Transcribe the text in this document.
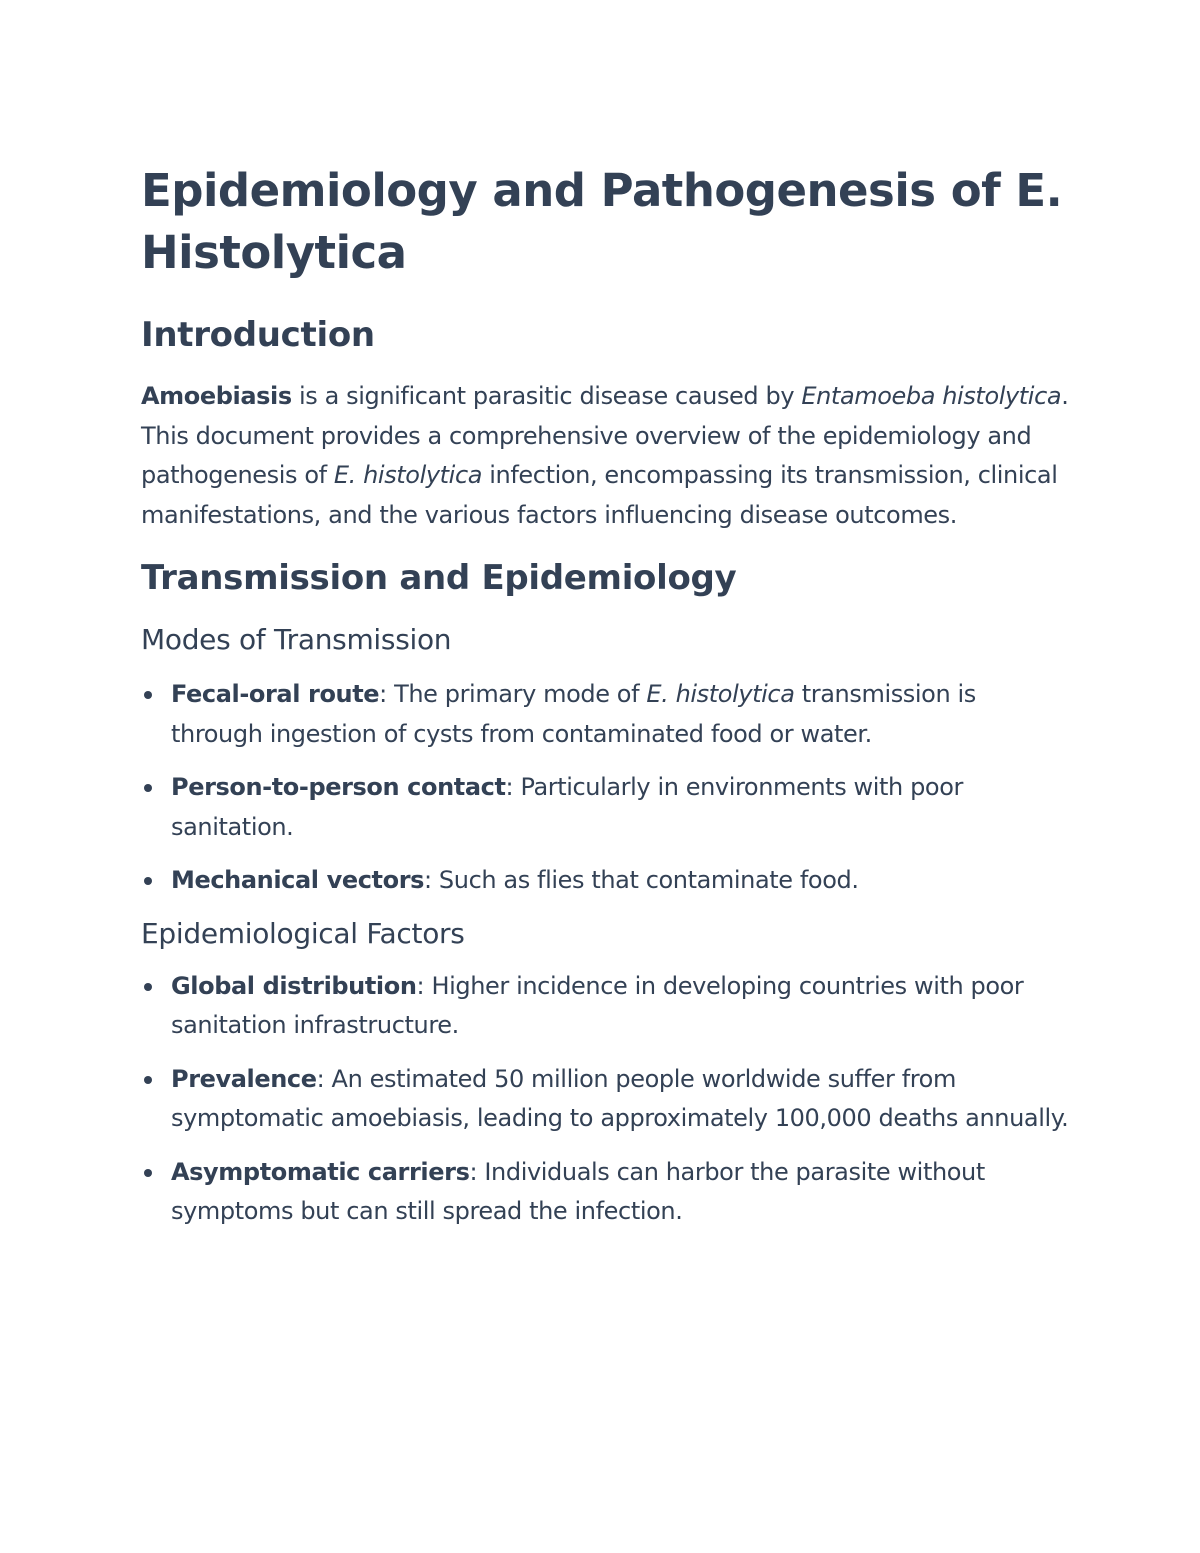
Epidemiology and Pathogenesis of E. Histolytica
Introduction

Amoebiasis is a significant parasitic disease caused by Entamoeba histolytica. This document provides a comprehensive overview of the epidemiology and pathogenesis of E. histolytica infection, encompassing its transmission, clinical manifestations, and the various factors influencing disease outcomes.

Transmission and Epidemiology
Modes of Transmission
Fecal-oral route: The primary mode of E. histolytica transmission is through ingestion of cysts from contaminated food or water.
Person-to-person contact: Particularly in environments with poor sanitation.
Mechanical vectors: Such as flies that contaminate food.
Epidemiological Factors
Global distribution: Higher incidence in developing countries with poor sanitation infrastructure.
Prevalence: An estimated 50 million people worldwide suffer from symptomatic amoebiasis, leading to approximately 100,000 deaths annually.
Asymptomatic carriers: Individuals can harbor the parasite without symptoms but can still spread the infection.
